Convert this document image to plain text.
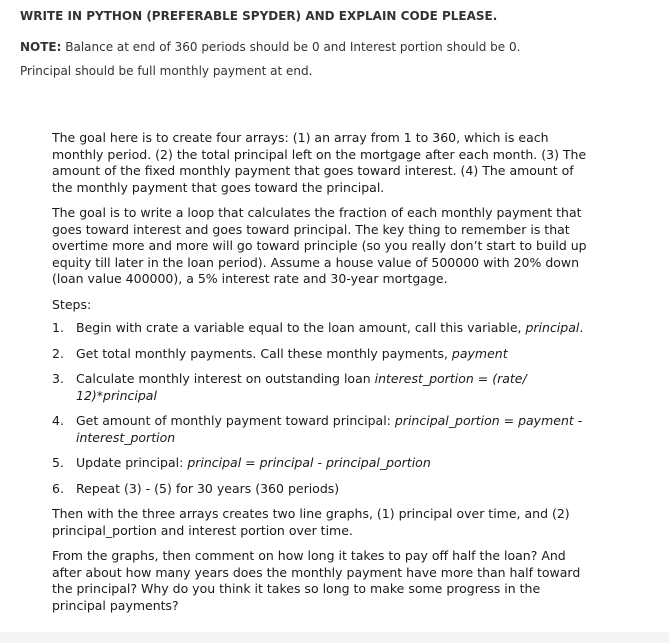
WRITE IN PYTHON (PREFERABLE SPYDER) AND EXPLAIN CODE PLEASE.
NOTE: Balance at end of 360 periods should be 0 and Interest portion should be 0.
Principal should be full monthly payment at end.

The goal here is to create four arrays: (1) an array from 1 to 360, which is each monthly period. (2) the total principal left on the mortgage after each month. (3) The amount of the fixed monthly payment that goes toward interest. (4) The amount of the monthly payment that goes toward the principal.

The goal is to write a loop that calculates the fraction of each monthly payment that goes toward interest and goes toward principal. The key thing to remember is that overtime more and more will go toward principle (so you really don’t start to build up equity till later in the loan period). Assume a house value of 500000 with 20% down (loan value 400000), a 5% interest rate and 30-year mortgage.

Steps:

1. Begin with crate a variable equal to the loan amount, call this variable, principal.
2. Get total monthly payments. Call these monthly payments, payment
3. Calculate monthly interest on outstanding loan interest_portion = (rate/ 12)*principal
4. Get amount of monthly payment toward principal: principal_portion = payment - interest_portion
5. Update principal: principal = principal - principal_portion
6. Repeat (3) - (5) for 30 years (360 periods)

Then with the three arrays creates two line graphs, (1) principal over time, and (2) principal_portion and interest portion over time.

From the graphs, then comment on how long it takes to pay off half the loan? And after about how many years does the monthly payment have more than half toward the principal? Why do you think it takes so long to make some progress in the principal payments?
